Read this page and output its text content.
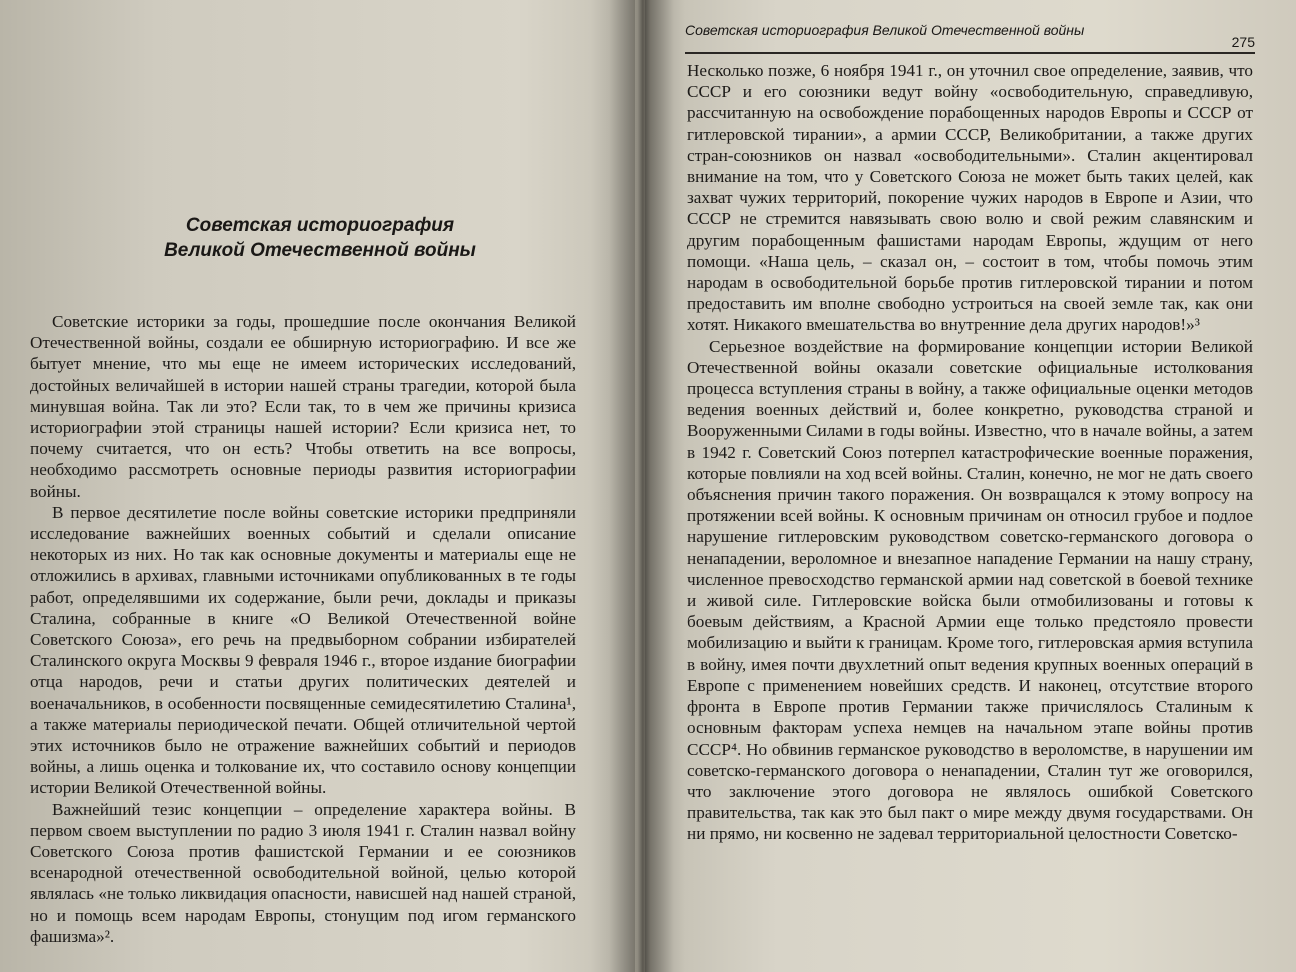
Советская историография
Великой Отечественной войны

Советские историки за годы, прошедшие после окончания Великой Отечественной войны, создали ее обширную историографию. И все же бытует мнение, что мы еще не имеем исторических исследований, достойных величайшей в истории нашей страны трагедии, которой была минувшая война. Так ли это? Если так, то в чем же причины кризиса историографии этой страницы нашей истории? Если кризиса нет, то почему считается, что он есть? Чтобы ответить на все вопросы, необходимо рассмотреть основные периоды развития историографии войны.

В первое десятилетие после войны советские историки предприняли исследование важнейших военных событий и сделали описание некоторых из них. Но так как основные документы и материалы еще не отложились в архивах, главными источниками опубликованных в те годы работ, определявшими их содержание, были речи, доклады и приказы Сталина, собранные в книге «О Великой Отечественной войне Советского Союза», его речь на предвыборном собрании избирателей Сталинского округа Москвы 9 февраля 1946 г., второе издание биографии отца народов, речи и статьи других политических деятелей и военачальников, в особенности посвященные семидесятилетию Сталина¹, а также материалы периодической печати. Общей отличительной чертой этих источников было не отражение важнейших событий и периодов войны, а лишь оценка и толкование их, что составило основу концепции истории Великой Отечественной войны.

Важнейший тезис концепции – определение характера войны. В первом своем выступлении по радио 3 июля 1941 г. Сталин назвал войну Советского Союза против фашистской Германии и ее союзников всенародной отечественной освободительной войной, целью которой являлась «не только ликвидация опасности, нависшей над нашей страной, но и помощь всем народам Европы, стонущим под игом германского фашизма»².

Советская историография Великой Отечественной войны
275

Несколько позже, 6 ноября 1941 г., он уточнил свое определение, заявив, что СССР и его союзники ведут войну «освободительную, справедливую, рассчитанную на освобождение порабощенных народов Европы и СССР от гитлеровской тирании», а армии СССР, Великобритании, а также других стран-союзников он назвал «освободительными». Сталин акцентировал внимание на том, что у Советского Союза не может быть таких целей, как захват чужих территорий, покорение чужих народов в Европе и Азии, что СССР не стремится навязывать свою волю и свой режим славянским и другим порабощенным фашистами народам Европы, ждущим от него помощи. «Наша цель, – сказал он, – состоит в том, чтобы помочь этим народам в освободительной борьбе против гитлеровской тирании и потом предоставить им вполне свободно устроиться на своей земле так, как они хотят. Никакого вмешательства во внутренние дела других народов!»³

Серьезное воздействие на формирование концепции истории Великой Отечественной войны оказали советские официальные истолкования процесса вступления страны в войну, а также официальные оценки методов ведения военных действий и, более конкретно, руководства страной и Вооруженными Силами в годы войны. Известно, что в начале войны, а затем в 1942 г. Советский Союз потерпел катастрофические военные поражения, которые повлияли на ход всей войны. Сталин, конечно, не мог не дать своего объяснения причин такого поражения. Он возвращался к этому вопросу на протяжении всей войны. К основным причинам он относил грубое и подлое нарушение гитлеровским руководством советско-германского договора о ненападении, вероломное и внезапное нападение Германии на нашу страну, численное превосходство германской армии над советской в боевой технике и живой силе. Гитлеровские войска были отмобилизованы и готовы к боевым действиям, а Красной Армии еще только предстояло провести мобилизацию и выйти к границам. Кроме того, гитлеровская армия вступила в войну, имея почти двухлетний опыт ведения крупных военных операций в Европе с применением новейших средств. И наконец, отсутствие второго фронта в Европе против Германии также причислялось Сталиным к основным факторам успеха немцев на начальном этапе войны против СССР⁴. Но обвинив германское руководство в вероломстве, в нарушении им советско-германского договора о ненападении, Сталин тут же оговорился, что заключение этого договора не являлось ошибкой Советского правительства, так как это был пакт о мире между двумя государствами. Он ни прямо, ни косвенно не задевал территориальной целостности Советско-
